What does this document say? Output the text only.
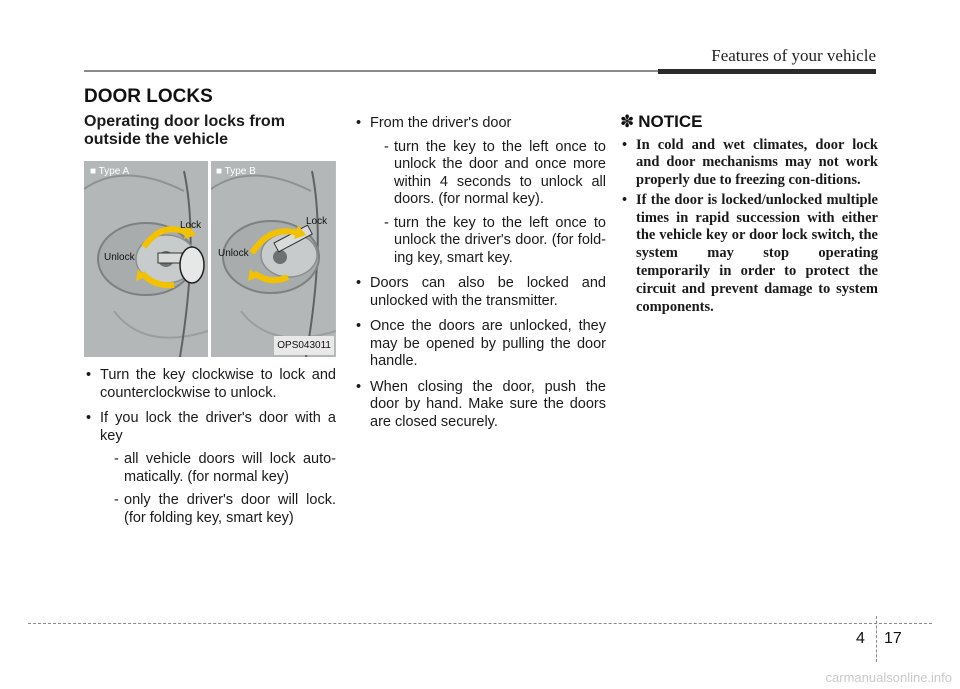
Features of your vehicle
DOOR LOCKS
Operating door locks from outside the vehicle
■ Type A
■	Type B
Lock
Unlock
Lock
Unlock
OPS043011
• Turn the key clockwise to lock and counterclockwise to unlock.
• If you lock the driver's door with a key
- all vehicle doors will lock auto-matically. (for normal key)
- only the driver's door will lock. (for folding key, smart key)
• From the driver's door
- turn the key to the left once to unlock the door and once more within 4 seconds to unlock all doors. (for normal key).
- turn the key to the left once to unlock the driver's door. (for fold-ing key, smart key.
• Doors can also be locked and unlocked with the transmitter.
• Once the doors are unlocked, they may be opened by pulling the door handle.
• When closing the door, push the door by hand. Make sure the doors are closed securely.
✽ NOTICE
• In cold and wet climates, door lock and door mechanisms may not work properly due to freezing con-ditions.
• If the door is locked/unlocked multiple times in rapid succession with either the vehicle key or door lock switch, the system may stop operating temporarily in order to protect the circuit and prevent damage to system components.
4 17
carmanualsonline.info
